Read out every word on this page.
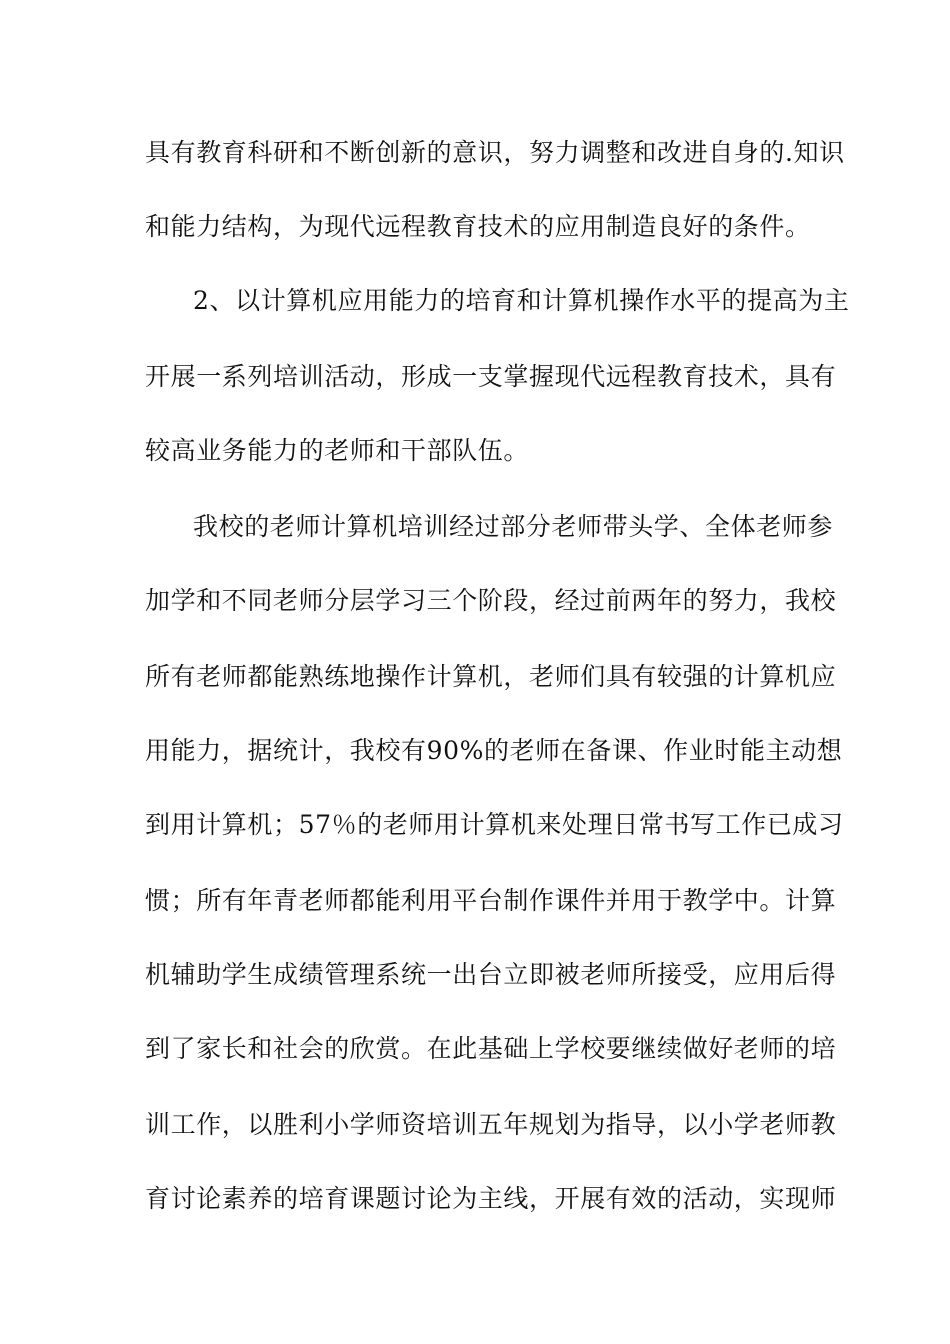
具有教育科研和不断创新的意识，努力调整和改进自身的.知识
和能力结构，为现代远程教育技术的应用制造良好的条件。
2、以计算机应用能力的培育和计算机操作水平的提高为主
开展一系列培训活动，形成一支掌握现代远程教育技术，具有
较高业务能力的老师和干部队伍。
我校的老师计算机培训经过部分老师带头学、全体老师参
加学和不同老师分层学习三个阶段，经过前两年的努力，我校
所有老师都能熟练地操作计算机，老师们具有较强的计算机应
用能力，据统计，我校有90%的老师在备课、作业时能主动想
到用计算机；57％的老师用计算机来处理日常书写工作已成习
惯；所有年青老师都能利用平台制作课件并用于教学中。计算
机辅助学生成绩管理系统一出台立即被老师所接受，应用后得
到了家长和社会的欣赏。在此基础上学校要继续做好老师的培
训工作，以胜利小学师资培训五年规划为指导，以小学老师教
育讨论素养的培育课题讨论为主线，开展有效的活动，实现师
